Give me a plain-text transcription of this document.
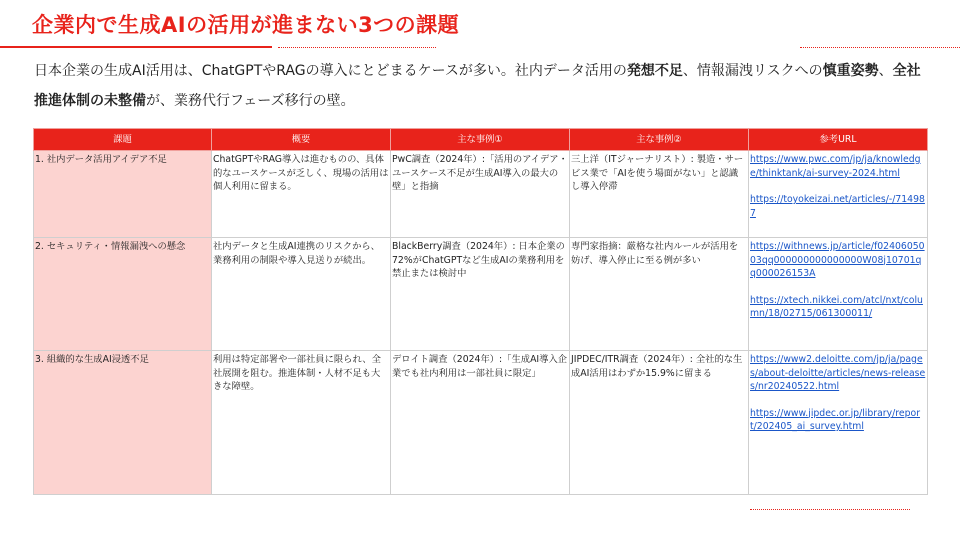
企業内で生成AIの活用が進まない3つの課題

日本企業の生成AI活用は、ChatGPTやRAGの導入にとどまるケースが多い。社内データ活用の発想不足、情報漏洩リスクへの慎重姿勢、全社推進体制の未整備が、業務代行フェーズ移行の壁。

課題	概要	主な事例①	主な事例②	参考URL
1. 社内データ活用アイデア不足	ChatGPTやRAG導入は進むものの、具体的なユースケースが乏しく、現場の活用は個人利用に留まる。	PwC調査（2024年）:「活用のアイデア・ユースケース不足が生成AI導入の最大の壁」と指摘	三上洋（ITジャーナリスト）: 製造・サービス業で「AIを使う場面がない」と認識し導入停滞	https://www.pwc.com/jp/ja/knowledge/thinktank/ai-survey-2024.html
https://toyokeizai.net/articles/-/714987

2. セキュリティ・情報漏洩への懸念	社内データと生成AI連携のリスクから、業務利用の制限や導入見送りが続出。	BlackBerry調査（2024年）: 日本企業の72%がChatGPTなど生成AIの業務利用を禁止または検討中	専門家指摘：厳格な社内ルールが活用を妨げ、導入停止に至る例が多い	https://withnews.jp/article/f0240605003qq000000000000000W08j10701qq000026153A
https://xtech.nikkei.com/atcl/nxt/column/18/02715/061300011/

3. 組織的な生成AI浸透不足	利用は特定部署や一部社員に限られ、全社展開を阻む。推進体制・人材不足も大きな障壁。	デロイト調査（2024年）:「生成AI導入企業でも社内利用は一部社員に限定」	JIPDEC/ITR調査（2024年）: 全社的な生成AI活用はわずか15.9%に留まる	https://www2.deloitte.com/jp/ja/pages/about-deloitte/articles/news-releases/nr20240522.html
https://www.jipdec.or.jp/library/report/202405_ai_survey.html
